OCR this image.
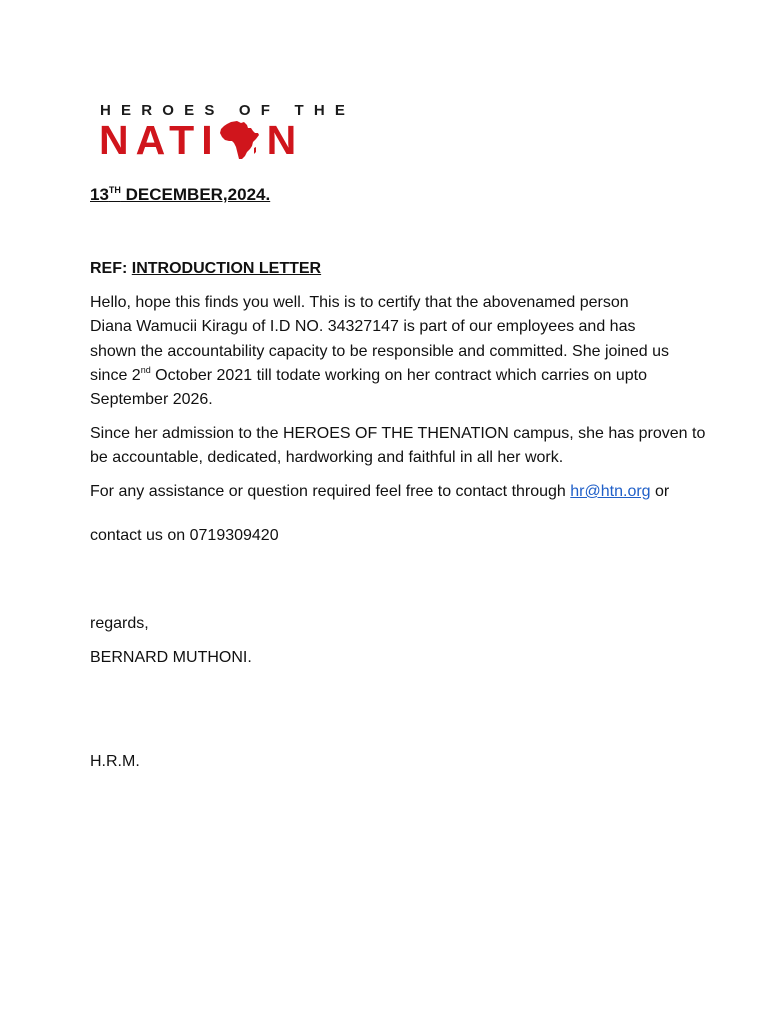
HEROES OF THE
NATI N
13TH DECEMBER,2024.
REF: INTRODUCTION LETTER
Hello, hope this finds you well. This is to certify that the abovenamed person
Diana Wamucii Kiragu of I.D NO. 34327147 is part of our employees and has
shown the accountability capacity to be responsible and committed. She joined us
since 2nd October 2021 till todate working on her contract which carries on upto
September 2026.
Since her admission to the HEROES OF THE THENATION campus, she has proven to
be accountable, dedicated, hardworking and faithful in all her work.
For any assistance or question required feel free to contact through hr@htn.org or
contact us on 0719309420
regards,
BERNARD MUTHONI.
H.R.M.
